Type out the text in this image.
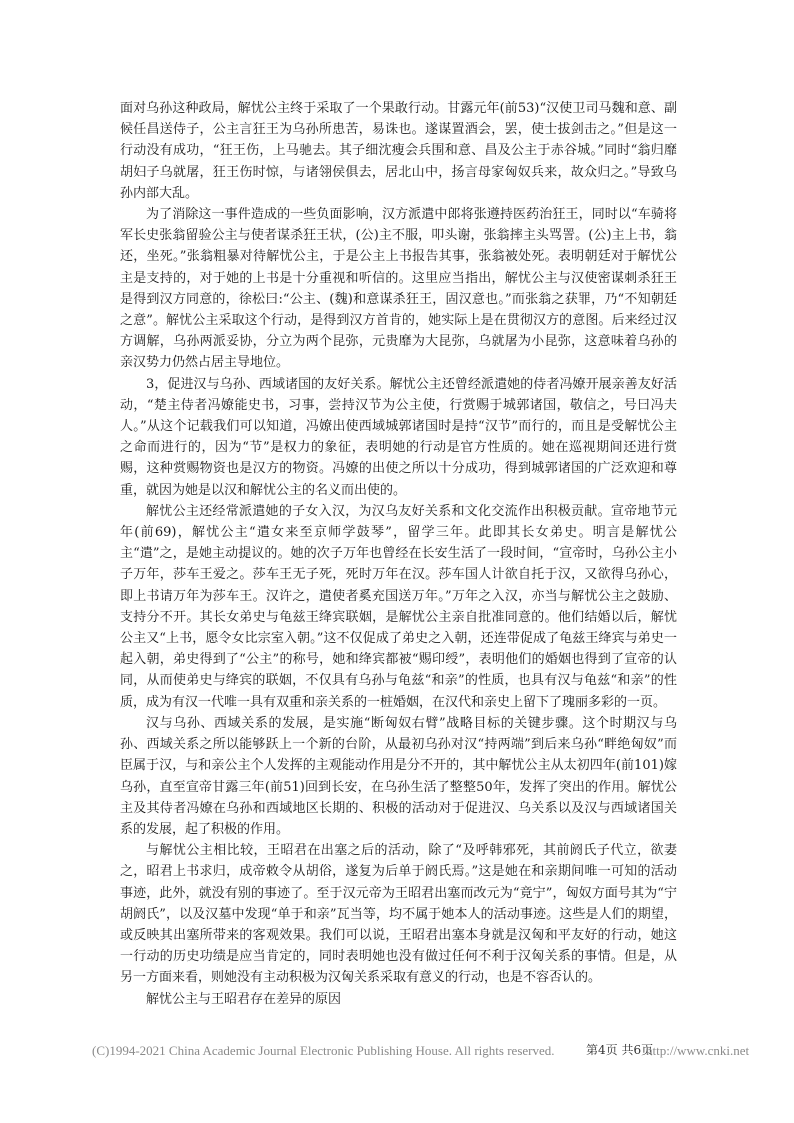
面对乌孙这种政局，解忧公主终于采取了一个果敢行动。甘露元年(前53)“汉使卫司马魏和意、副候任昌送侍子，公主言狂王为乌孙所患苦，易诛也。遂谋置酒会，罢，使士拔剑击之。”但是这一行动没有成功，“狂王伤，上马驰去。其子细沈瘦会兵围和意、昌及公主于赤谷城。”同时“翁归靡胡妇子乌就屠，狂王伤时惊，与诸翎侯俱去，居北山中，扬言母家匈奴兵来，故众归之。”导致乌孙内部大乱。

为了消除这一事件造成的一些负面影响，汉方派遣中郎将张遵持医药治狂王，同时以“车骑将军长史张翁留验公主与使者谋杀狂王状，(公)主不服，叩头谢，张翁摔主头骂詈。(公)主上书，翁还，坐死。”张翁粗暴对待解忧公主，于是公主上书报告其事，张翁被处死。表明朝廷对于解忧公主是支持的，对于她的上书是十分重视和听信的。这里应当指出，解忧公主与汉使密谋刺杀狂王是得到汉方同意的，徐松曰:“公主、(魏)和意谋杀狂王，固汉意也。”而张翁之获罪，乃“不知朝廷之意”。解忧公主采取这个行动，是得到汉方首肯的，她实际上是在贯彻汉方的意图。后来经过汉方调解，乌孙两派妥协，分立为两个昆弥，元贵靡为大昆弥，乌就屠为小昆弥，这意味着乌孙的亲汉势力仍然占居主导地位。

3，促进汉与乌孙、西域诸国的友好关系。解忧公主还曾经派遣她的侍者冯嫽开展亲善友好活动，“楚主侍者冯嫽能史书，习事，尝持汉节为公主使，行赏赐于城郭诸国，敬信之，号曰冯夫人。”从这个记载我们可以知道，冯嫽出使西域城郭诸国时是持“汉节”而行的，而且是受解忧公主之命而进行的，因为“节”是权力的象征，表明她的行动是官方性质的。她在巡视期间还进行赏赐，这种赏赐物资也是汉方的物资。冯嫽的出使之所以十分成功，得到城郭诸国的广泛欢迎和尊重，就因为她是以汉和解忧公主的名义而出使的。

解忧公主还经常派遣她的子女入汉，为汉乌友好关系和文化交流作出积极贡献。宣帝地节元年(前69)，解忧公主“遣女来至京师学鼓琴”，留学三年。此即其长女弟史。明言是解忧公主“遣”之，是她主动提议的。她的次子万年也曾经在长安生活了一段时间，“宣帝时，乌孙公主小子万年，莎车王爱之。莎车王无子死，死时万年在汉。莎车国人计欲自托于汉，又欲得乌孙心，即上书请万年为莎车王。汉许之，遣使者奚充国送万年。”万年之入汉，亦当与解忧公主之鼓励、支持分不开。其长女弟史与龟兹王绛宾联姻，是解忧公主亲自批准同意的。他们结婚以后，解忧公主又“上书，愿令女比宗室入朝。”这不仅促成了弟史之入朝，还连带促成了龟兹王绛宾与弟史一起入朝，弟史得到了“公主”的称号，她和绛宾都被“赐印绶”，表明他们的婚姻也得到了宣帝的认同，从而使弟史与绛宾的联姻，不仅具有乌孙与龟兹“和亲”的性质，也具有汉与龟兹“和亲”的性质，成为有汉一代唯一具有双重和亲关系的一桩婚姻，在汉代和亲史上留下了瑰丽多彩的一页。

汉与乌孙、西域关系的发展，是实施“断匈奴右臂”战略目标的关键步骤。这个时期汉与乌孙、西域关系之所以能够跃上一个新的台阶，从最初乌孙对汉“持两端”到后来乌孙“畔绝匈奴”而臣属于汉，与和亲公主个人发挥的主观能动作用是分不开的，其中解忧公主从太初四年(前101)嫁乌孙，直至宣帝甘露三年(前51)回到长安，在乌孙生活了整整50年，发挥了突出的作用。解忧公主及其侍者冯嫽在乌孙和西域地区长期的、积极的活动对于促进汉、乌关系以及汉与西域诸国关系的发展，起了积极的作用。

与解忧公主相比较，王昭君在出塞之后的活动，除了“及呼韩邪死，其前阏氏子代立，欲妻之，昭君上书求归，成帝敕令从胡俗，遂复为后单于阏氏焉。”这是她在和亲期间唯一可知的活动事迹，此外，就没有别的事迹了。至于汉元帝为王昭君出塞而改元为“竟宁”，匈奴方面号其为“宁胡阏氏”，以及汉墓中发现“单于和亲”瓦当等，均不属于她本人的活动事迹。这些是人们的期望，或反映其出塞所带来的客观效果。我们可以说，王昭君出塞本身就是汉匈和平友好的行动，她这一行动的历史功绩是应当肯定的，同时表明她也没有做过任何不利于汉匈关系的事情。但是，从另一方面来看，则她没有主动积极为汉匈关系采取有意义的行动，也是不容否认的。

解忧公主与王昭君存在差异的原因

(C)1994-2021 China Academic Journal Electronic Publishing House. All rights reserved.	第4页 共6页
http://www.cnki.net
